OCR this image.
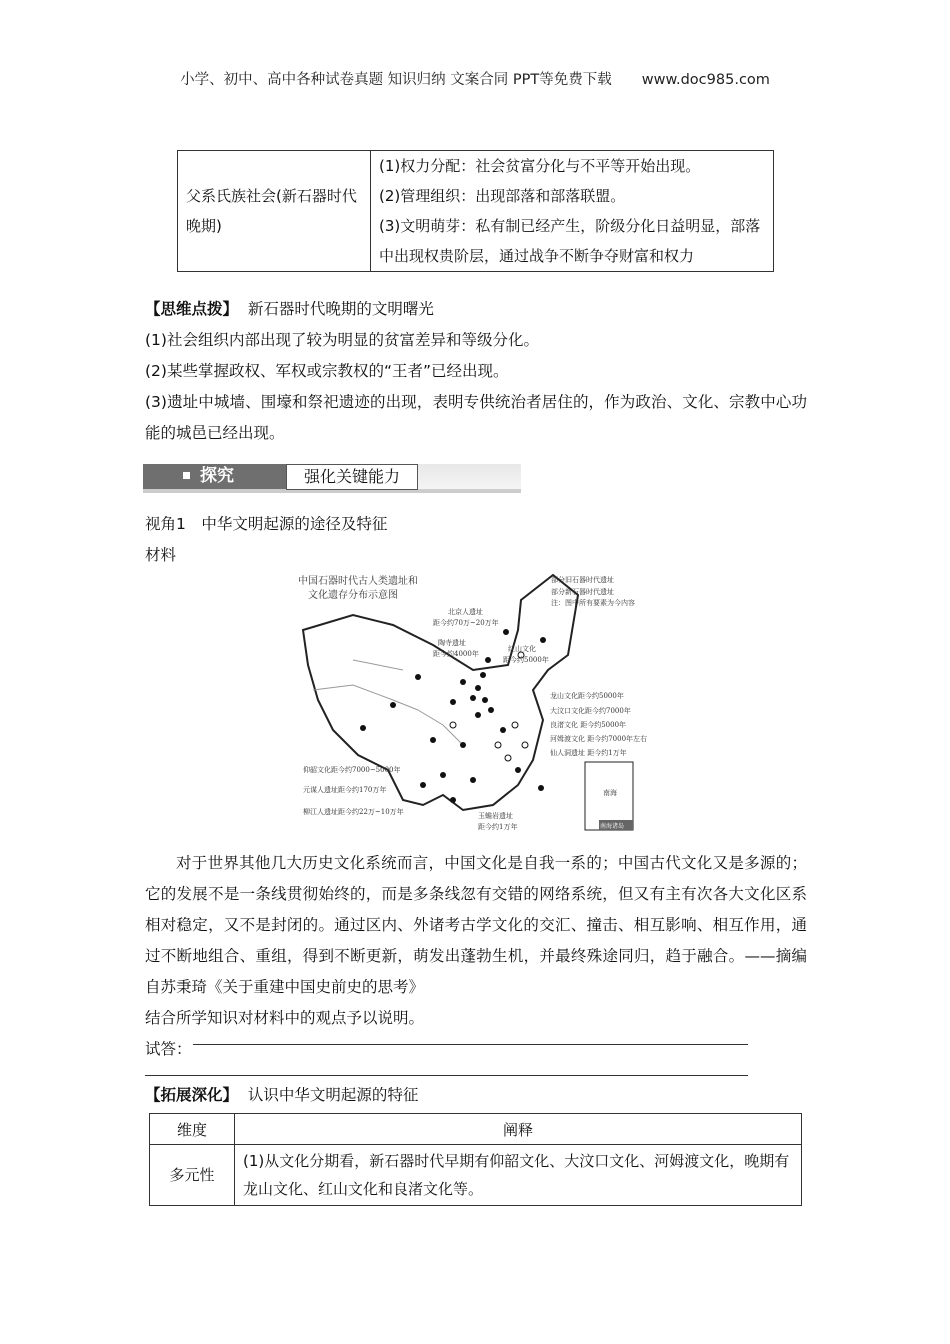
小学、初中、高中各种试卷真题 知识归纳 文案合同 PPT等免费下载 www.doc985.com
父系氏族社会(新石器时代晚期)	
(1)权力分配：社会贫富分化与不平等开始出现。
(2)管理组织：出现部落和部落联盟。
(3)文明萌芽：私有制已经产生，阶级分化日益明显，部落中出现权贵阶层，通过战争不断争夺财富和权力
【思维点拨】 新石器时代晚期的文明曙光
(1)社会组织内部出现了较为明显的贫富差异和等级分化。
(2)某些掌握政权、军权或宗教权的“王者”已经出现。
(3)遗址中城墙、围壕和祭祀遗迹的出现，表明专供统治者居住的，作为政治、文化、宗教中心功能的城邑已经出现。
探究	强化关键能力
视角1　中华文明起源的途径及特征
材料
中国石器时代古人类遗址和
文化遗存分布示意图
部分旧石器时代遗址
部分新石器时代遗址
注：图中所有要素为今内容
北京人遗址
距今约70万~20万年
陶寺遗址
距今约4000年
红山文化
距今约5000年
龙山文化距今约5000年
大汶口文化距今约7000年
良渚文化 距今约5000年
河姆渡文化 距今约7000年左右
仙人洞遗址 距今约1万年
仰韶文化距今约7000~5000年
元谋人遗址距今约170万年
柳江人遗址距今约22万~10万年	玉蟾岩遗址
距今约1万年
南海
南海诸岛

对于世界其他几大历史文化系统而言，中国文化是自我一系的；中国古代文化又是多源的；它的发展不是一条线贯彻始终的，而是多条线忽有交错的网络系统，但又有主有次各大文化区系相对稳定，又不是封闭的。通过区内、外诸考古学文化的交汇、撞击、相互影响、相互作用，通过不断地组合、重组，得到不断更新，萌发出蓬勃生机，并最终殊途同归，趋于融合。——摘编自苏秉琦《关于重建中国史前史的思考》

结合所学知识对材料中的观点予以说明。
试答：
【拓展深化】 认识中华文明起源的特征
维度	阐释
多元性	(1)从文化分期看，新石器时代早期有仰韶文化、大汶口文化、河姆渡文化，晚期有龙山文化、红山文化和良渚文化等。
